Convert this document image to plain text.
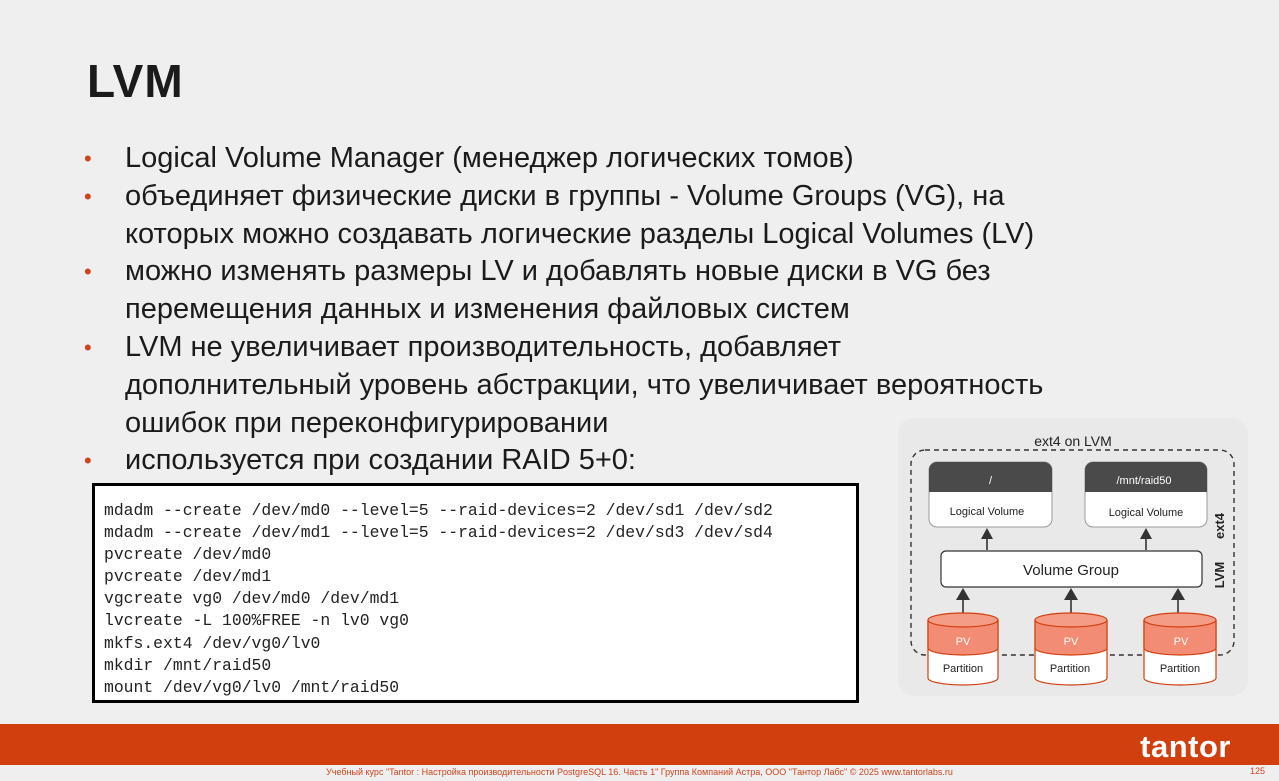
LVM
• Logical Volume Manager (менеджер логических томов)
• объединяет физические диски в группы - Volume Groups (VG), на
которых можно создавать логические разделы Logical Volumes (LV)
• можно изменять размеры LV и добавлять новые диски в VG без
перемещения данных и изменения файловых систем
• LVM не увеличивает производительность, добавляет
дополнительный уровень абстракции, что увеличивает вероятность
ошибок при переконфигурировании
• используется при создании RAID 5+0:
mdadm --create /dev/md0 --level=5 --raid-devices=2 /dev/sd1 /dev/sd2
mdadm --create /dev/md1 --level=5 --raid-devices=2 /dev/sd3 /dev/sd4
pvcreate /dev/md0
pvcreate /dev/md1
vgcreate vg0 /dev/md0 /dev/md1
lvcreate -L 100%FREE -n lv0 vg0
mkfs.ext4 /dev/vg0/lv0
mkdir /mnt/raid50
mount /dev/vg0/lv0 /mnt/raid50
ext4 on LVM
ext4
LVM
/
Logical Volume
/mnt/raid50
Logical Volume
Volume Group
PV
Partition
PV
Partition
PV
Partition
tantor
Учебный курс "Tantor : Настройка производительности PostgreSQL 16. Часть 1" Группа Компаний Астра, ООО "Тантор Лабс" © 2025 www.tantorlabs.ru	125
